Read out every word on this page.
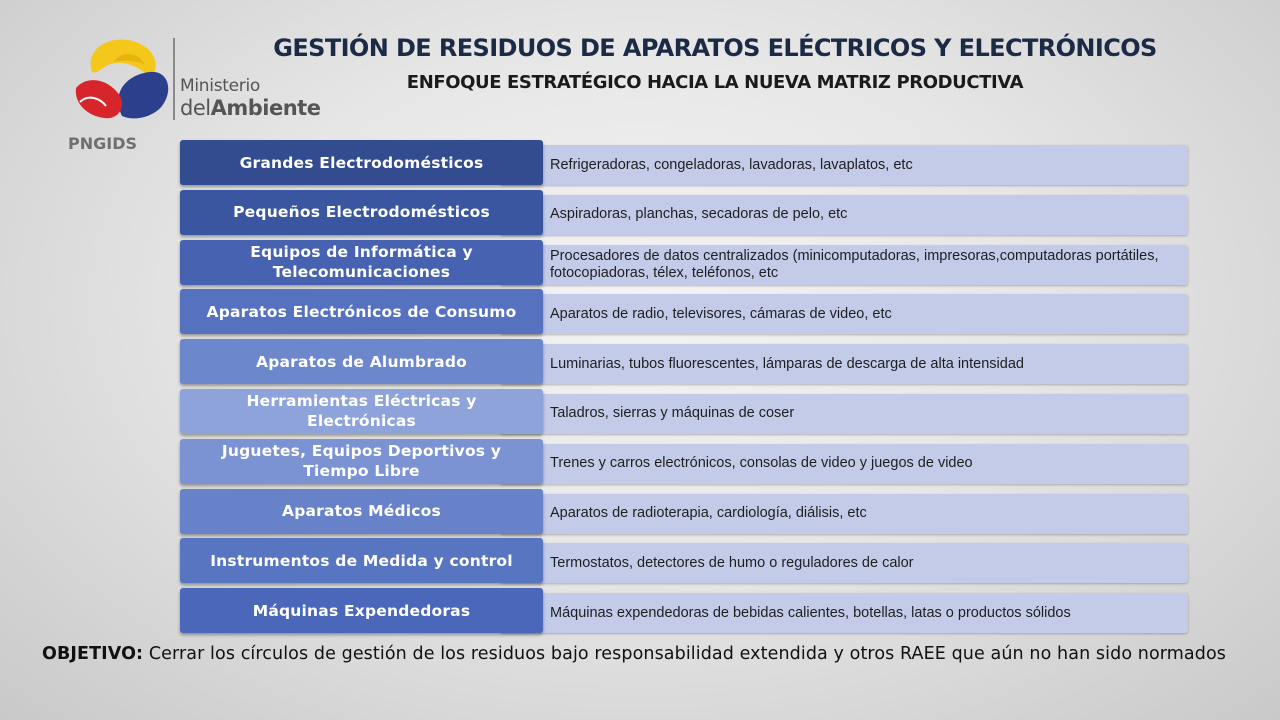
Ministerio
delAmbiente
PNGIDS
GESTIÓN DE RESIDUOS DE APARATOS ELÉCTRICOS Y ELECTRÓNICOS
ENFOQUE ESTRATÉGICO HACIA LA NUEVA MATRIZ PRODUCTIVA
• Refrigeradoras, congeladoras, lavadoras, lavaplatos, etc
Grandes Electrodomésticos
• Aspiradoras, planchas, secadoras de pelo, etc
Pequeños Electrodomésticos
• Procesadores de datos centralizados (minicomputadoras, impresoras,computadoras portátiles, fotocopiadoras, télex, teléfonos, etc
Equipos de Informática y Telecomunicaciones
• Aparatos de radio, televisores, cámaras de video, etc
Aparatos Electrónicos de Consumo
• Luminarias, tubos fluorescentes, lámparas de descarga de alta intensidad
Aparatos de Alumbrado
• Taladros, sierras y máquinas de coser
Herramientas Eléctricas y Electrónicas
• Trenes y carros electrónicos, consolas de video y juegos de video
Juguetes, Equipos Deportivos y Tiempo Libre
• Aparatos de radioterapia, cardiología, diálisis, etc
Aparatos Médicos
• Termostatos, detectores de humo o reguladores de calor
Instrumentos de Medida y control
• Máquinas expendedoras de bebidas calientes, botellas, latas o productos sólidos
Máquinas Expendedoras
OBJETIVO: Cerrar los círculos de gestión de los residuos bajo responsabilidad extendida y otros RAEE que aún no han sido normados
